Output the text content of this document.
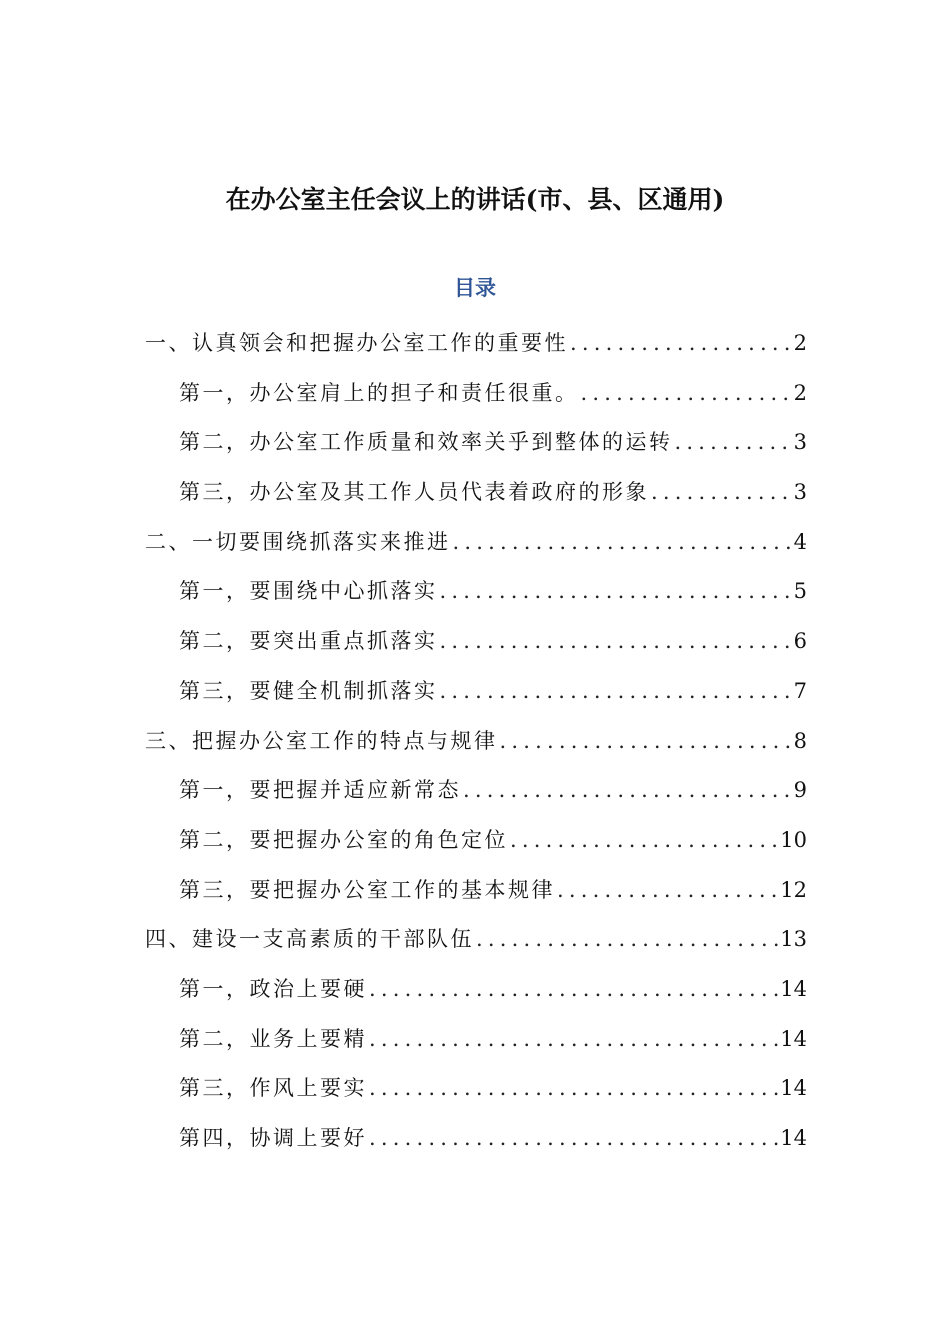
在办公室主任会议上的讲话(市、县、区通用)
目录
一、认真领会和把握办公室工作的重要性 .....	2
第一，办公室肩上的担子和责任很重。 .....	2
第二，办公室工作质量和效率关乎到整体的运转 .....	3
第三，办公室及其工作人员代表着政府的形象 .....	3
二、一切要围绕抓落实来推进 .....	4
第一，要围绕中心抓落实 .....	5
第二，要突出重点抓落实 .....	6
第三，要健全机制抓落实 .....	7
三、把握办公室工作的特点与规律 .....	8
第一，要把握并适应新常态 .....	9
第二，要把握办公室的角色定位 .....	10
第三，要把握办公室工作的基本规律 .....	12
四、建设一支高素质的干部队伍 .....	13
第一，政治上要硬 .....	14
第二，业务上要精 .....	14
第三，作风上要实 .....	14
第四，协调上要好 .....	14
